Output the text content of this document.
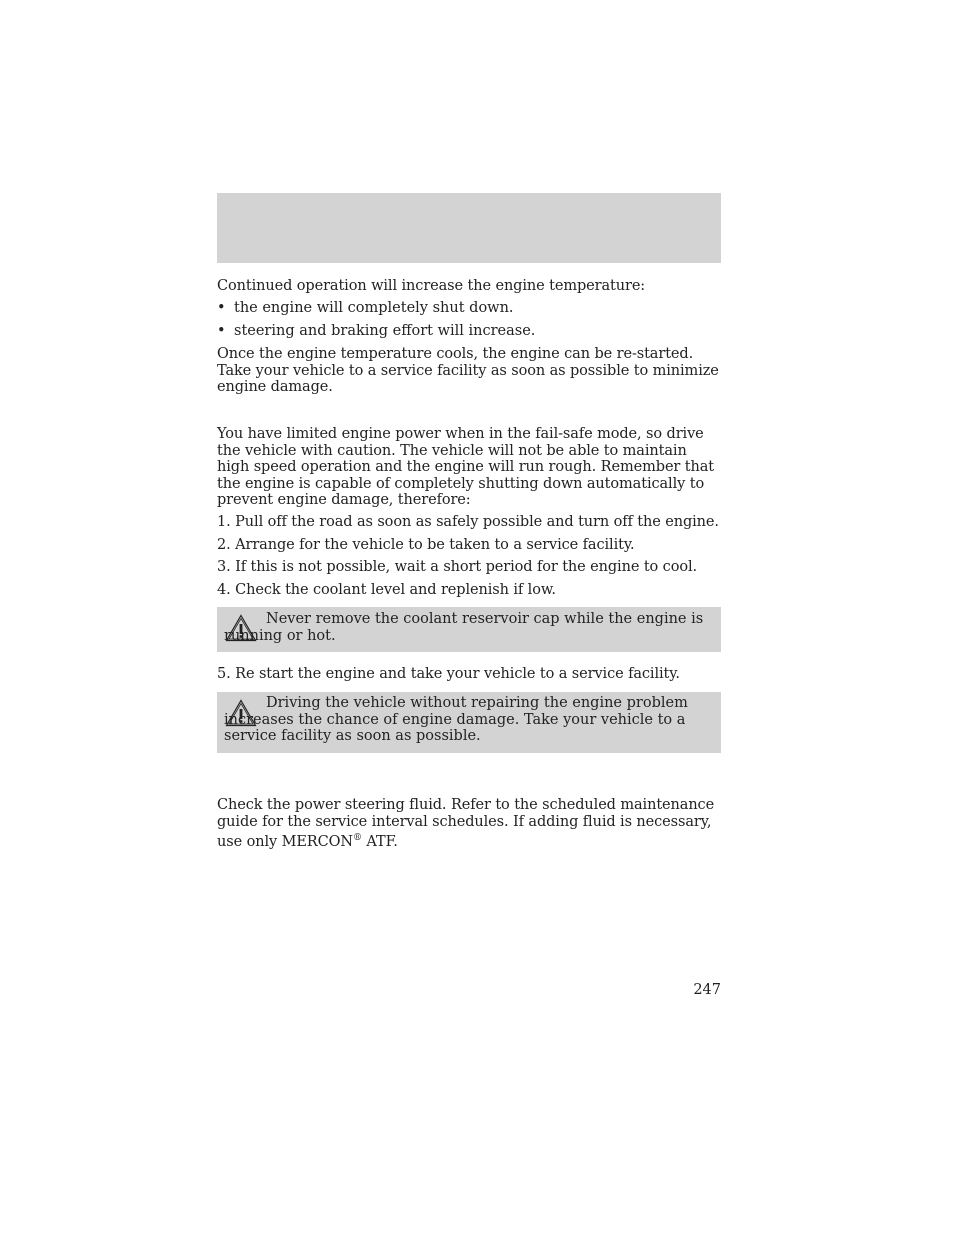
Continued operation will increase the engine temperature:

• the engine will completely shut down.
• steering and braking effort will increase.

Once the engine temperature cools, the engine can be re-started. Take your vehicle to a service facility as soon as possible to minimize engine damage.

You have limited engine power when in the fail-safe mode, so drive the vehicle with caution. The vehicle will not be able to maintain high speed operation and the engine will run rough. Remember that the engine is capable of completely shutting down automatically to prevent engine damage, therefore:

1. Pull off the road as soon as safely possible and turn off the engine.

2. Arrange for the vehicle to be taken to a service facility.

3. If this is not possible, wait a short period for the engine to cool.

4. Check the coolant level and replenish if low.

Never remove the coolant reservoir cap while the engine is running or hot.

5. Re start the engine and take your vehicle to a service facility.

Driving the vehicle without repairing the engine problem increases the chance of engine damage. Take your vehicle to a service facility as soon as possible.

Check the power steering fluid. Refer to the scheduled maintenance guide for the service interval schedules. If adding fluid is necessary, use only MERCON® ATF.

247
